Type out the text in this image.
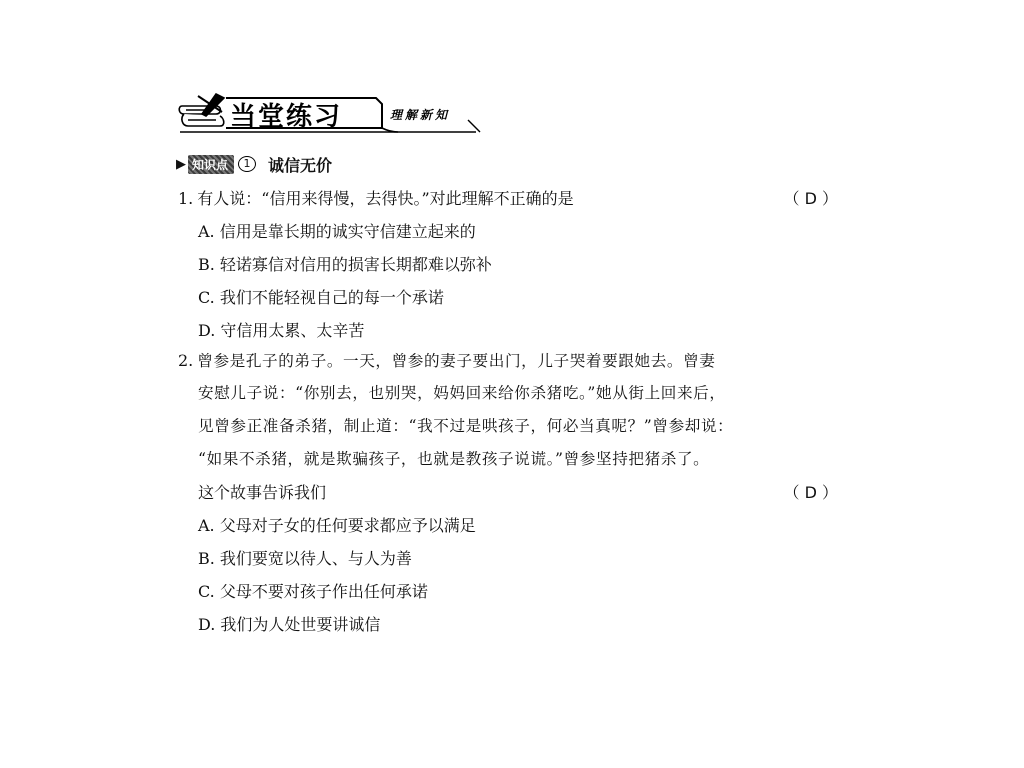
当堂练习	理解新知
▶ 知识点	1	诚信无价
1. 有人说：“信用来得慢，去得快。”对此理解不正确的是	（ D ）
A. 信用是靠长期的诚实守信建立起来的
B. 轻诺寡信对信用的损害长期都难以弥补
C. 我们不能轻视自己的每一个承诺
D. 守信用太累、太辛苦
2. 曾参是孔子的弟子。一天，曾参的妻子要出门，儿子哭着要跟她去。曾妻
安慰儿子说：“你别去，也别哭，妈妈回来给你杀猪吃。”她从街上回来后，
见曾参正准备杀猪，制止道：“我不过是哄孩子，何必当真呢？”曾参却说：
“如果不杀猪，就是欺骗孩子，也就是教孩子说谎。”曾参坚持把猪杀了。
这个故事告诉我们	（ D ）
A. 父母对子女的任何要求都应予以满足
B. 我们要宽以待人、与人为善
C. 父母不要对孩子作出任何承诺
D. 我们为人处世要讲诚信
